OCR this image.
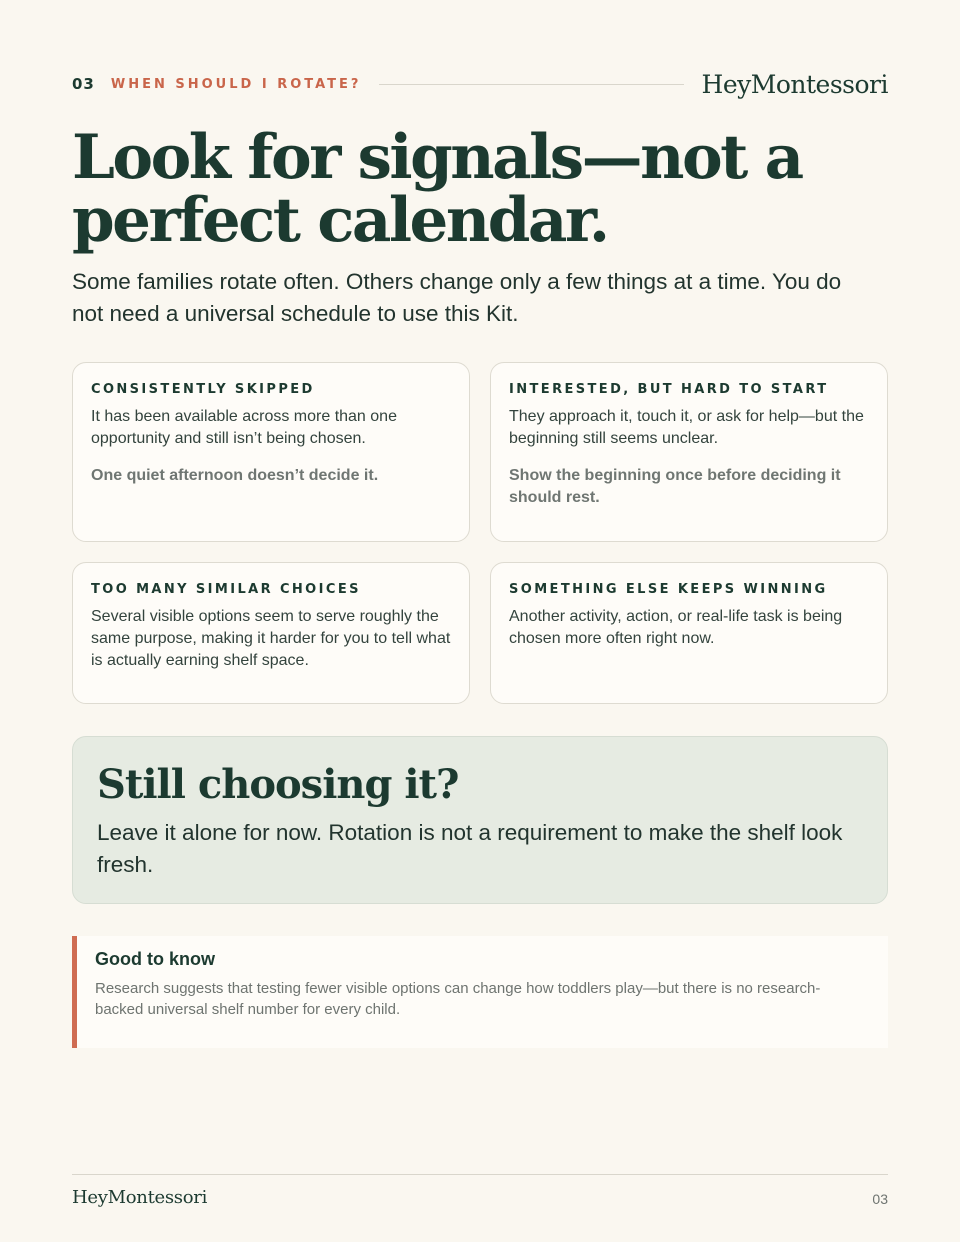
03 WHEN SHOULD I ROTATE?	HeyMontessori
Look for signals—not a perfect calendar.

Some families rotate often. Others change only a few things at a time. You do not need a universal schedule to use this Kit.

CONSISTENTLY SKIPPED

It has been available across more than one opportunity and still isn’t being chosen.

One quiet afternoon doesn’t decide it.

INTERESTED, BUT HARD TO START

They approach it, touch it, or ask for help—but the beginning still seems unclear.

Show the beginning once before deciding it should rest.

TOO MANY SIMILAR CHOICES

Several visible options seem to serve roughly the same purpose, making it harder for you to tell what is actually earning shelf space.

SOMETHING ELSE KEEPS WINNING

Another activity, action, or real-life task is being chosen more often right now.

Still choosing it?

Leave it alone for now. Rotation is not a requirement to make the shelf look fresh.

Good to know

Research suggests that testing fewer visible options can change how toddlers play—but there is no research-backed universal shelf number for every child.

HeyMontessori	03
